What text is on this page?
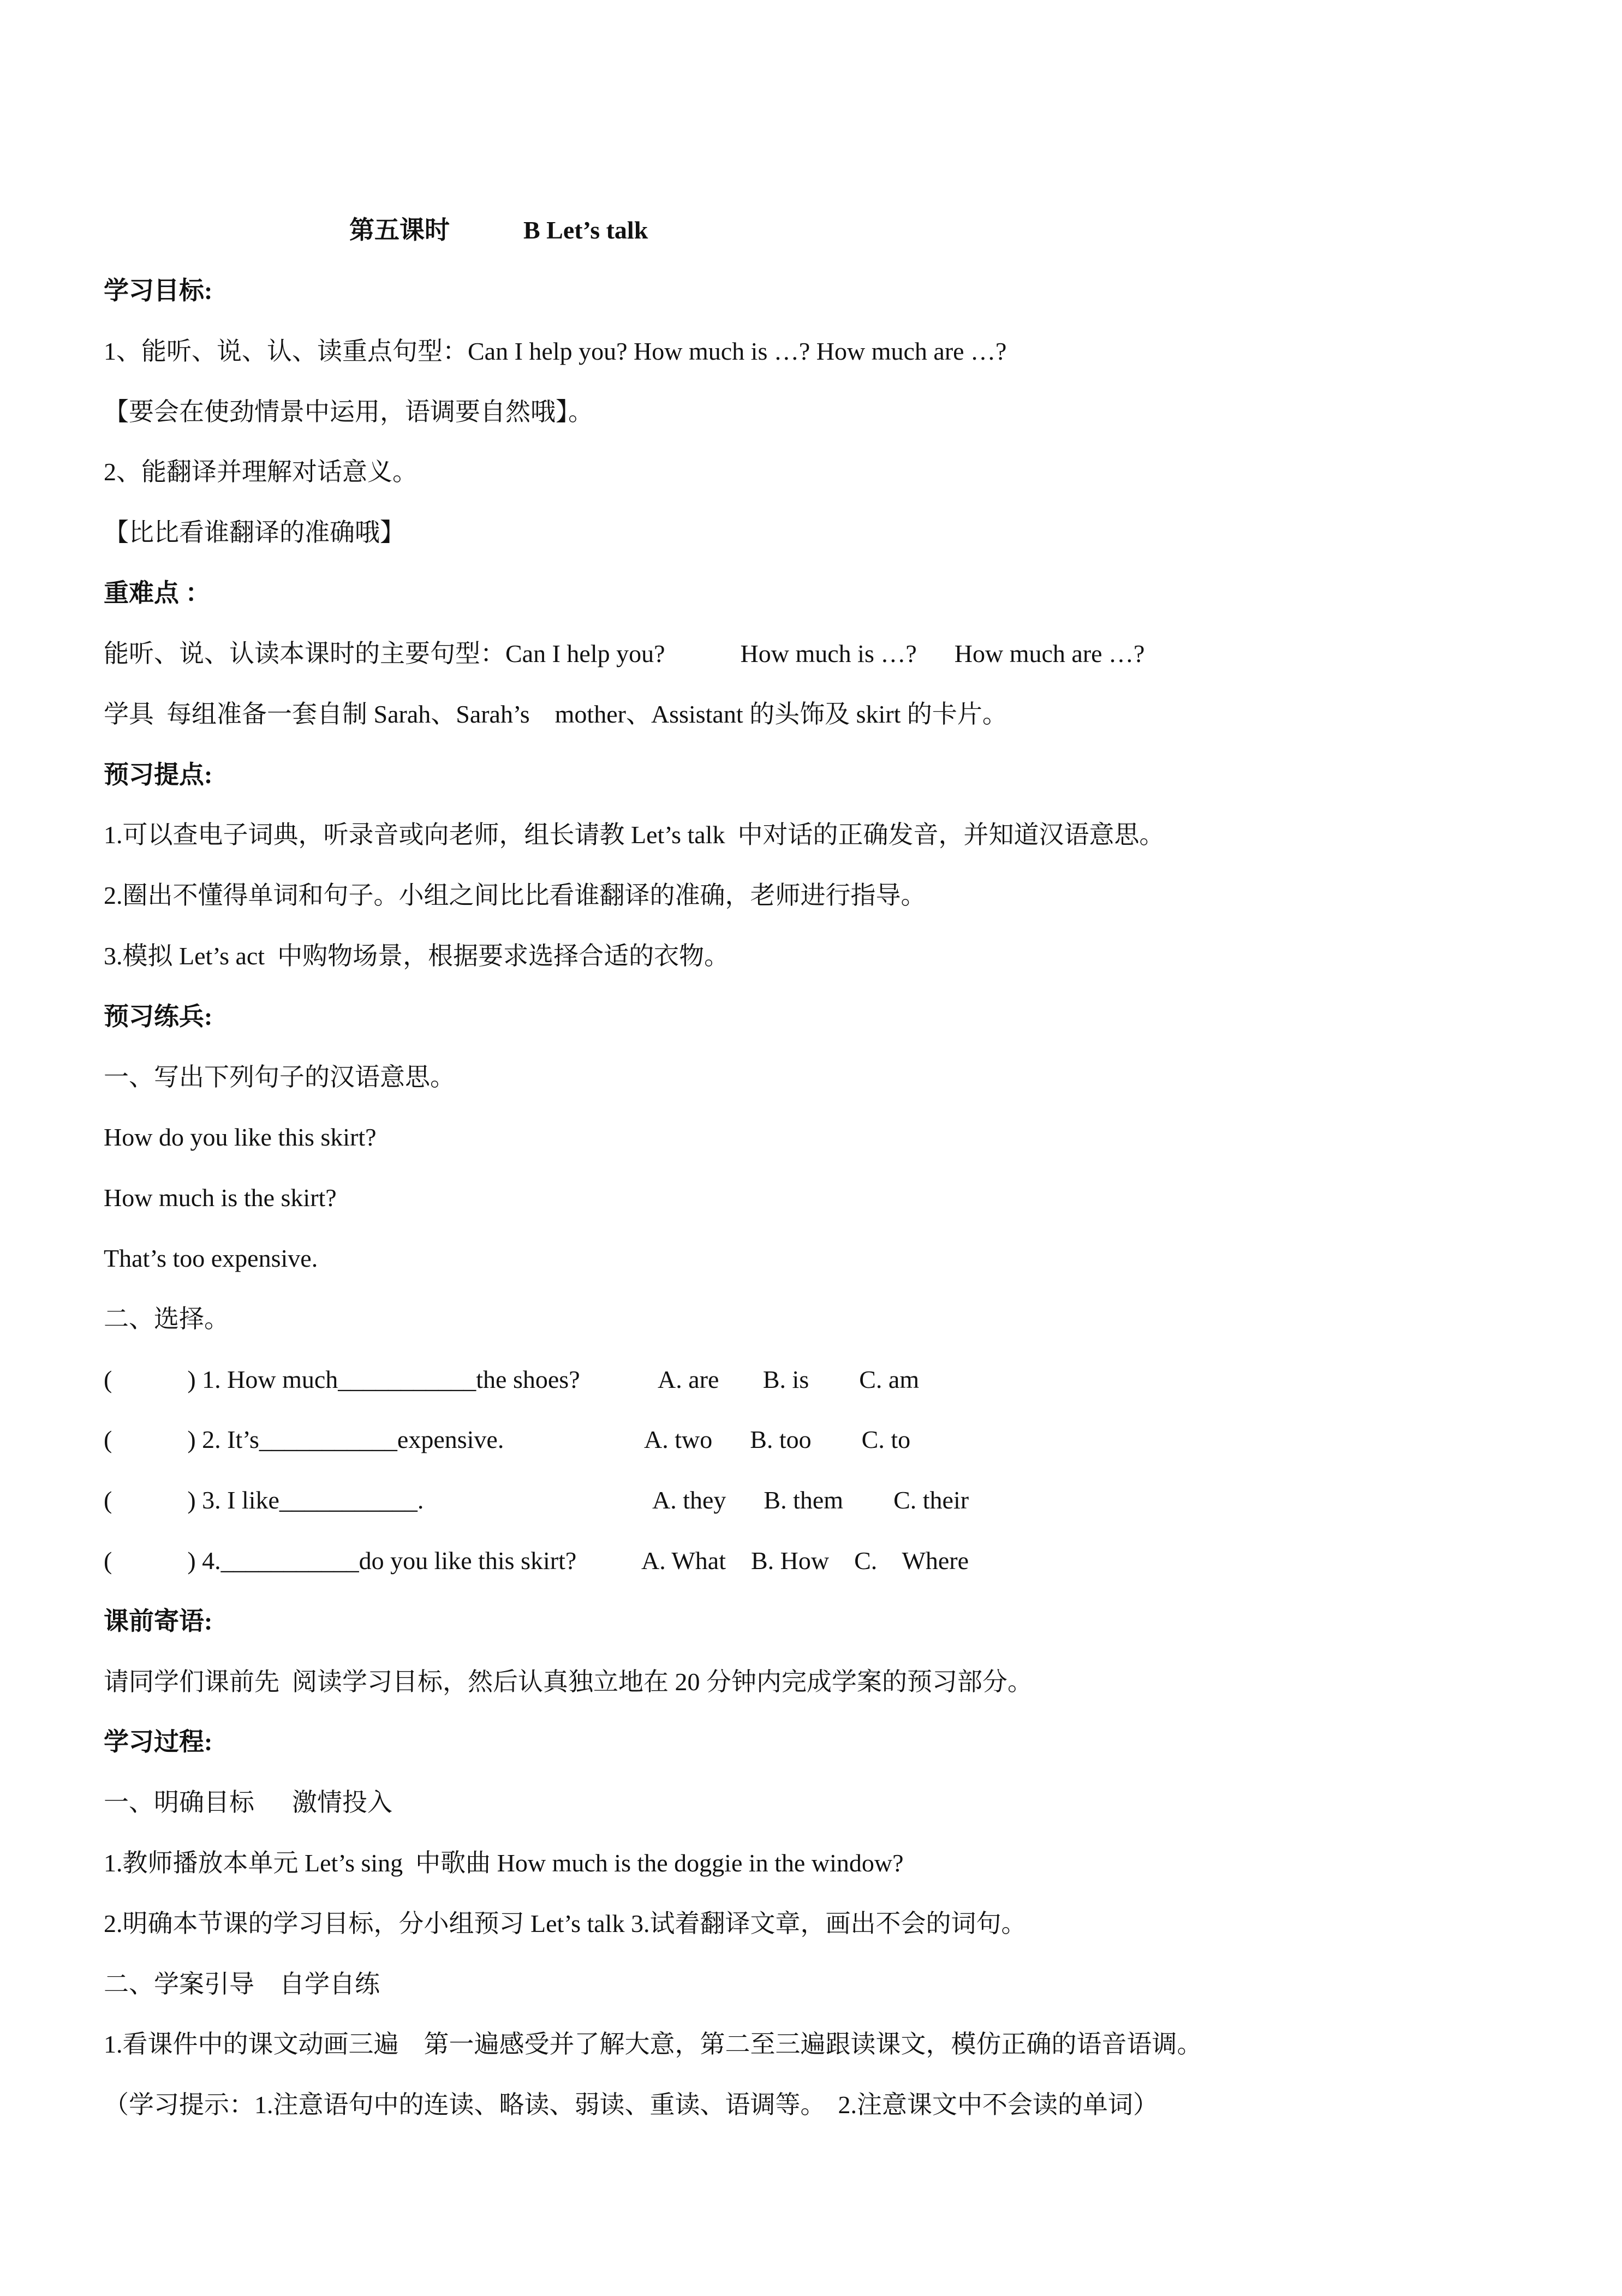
第五课时	B Let’s talk
学习目标:
1、能听、说、认、读重点句型：Can I help you? How much is …? How much are …?
【要会在使劲情景中运用，语调要自然哦】。
2、能翻译并理解对话意义。
【比比看谁翻译的准确哦】
重难点 ：
能听、说、认读本课时的主要句型：Can I help you?            How much is …?      How much are …?
学具  每组准备一套自制 Sarah、Sarah’s    mother、Assistant 的头饰及 skirt 的卡片。
预习提点:
1.可以查电子词典，听录音或向老师，组长请教 Let’s talk  中对话的正确发音，并知道汉语意思。
2.圈出不懂得单词和句子。小组之间比比看谁翻译的准确，老师进行指导。
3.模拟 Let’s act  中购物场景，根据要求选择合适的衣物。
预习练兵:
一、写出下列句子的汉语意思。
How do you like this skirt?
How much is the skirt?
That’s too expensive.
二、选择。
(            ) 1. How much___________the shoes?	A. are       B. is        C. am
(            ) 2. It’s___________expensive.	A. two      B. too        C. to
(            ) 3. I like___________.	A. they      B. them        C. their
(            ) 4.___________do you like this skirt?	A. What    B. How    C.    Where
课前寄语:
请同学们课前先  阅读学习目标，然后认真独立地在 20 分钟内完成学案的预习部分。
学习过程:
一、明确目标      激情投入
1.教师播放本单元 Let’s sing  中歌曲 How much is the doggie in the window?
2.明确本节课的学习目标，分小组预习 Let’s talk 3.试着翻译文章，画出不会的词句。
二、学案引导    自学自练
1.看课件中的课文动画三遍    第一遍感受并了解大意，第二至三遍跟读课文，模仿正确的语音语调。
（学习提示：1.注意语句中的连读、略读、弱读、重读、语调等。  2.注意课文中不会读的单词）
